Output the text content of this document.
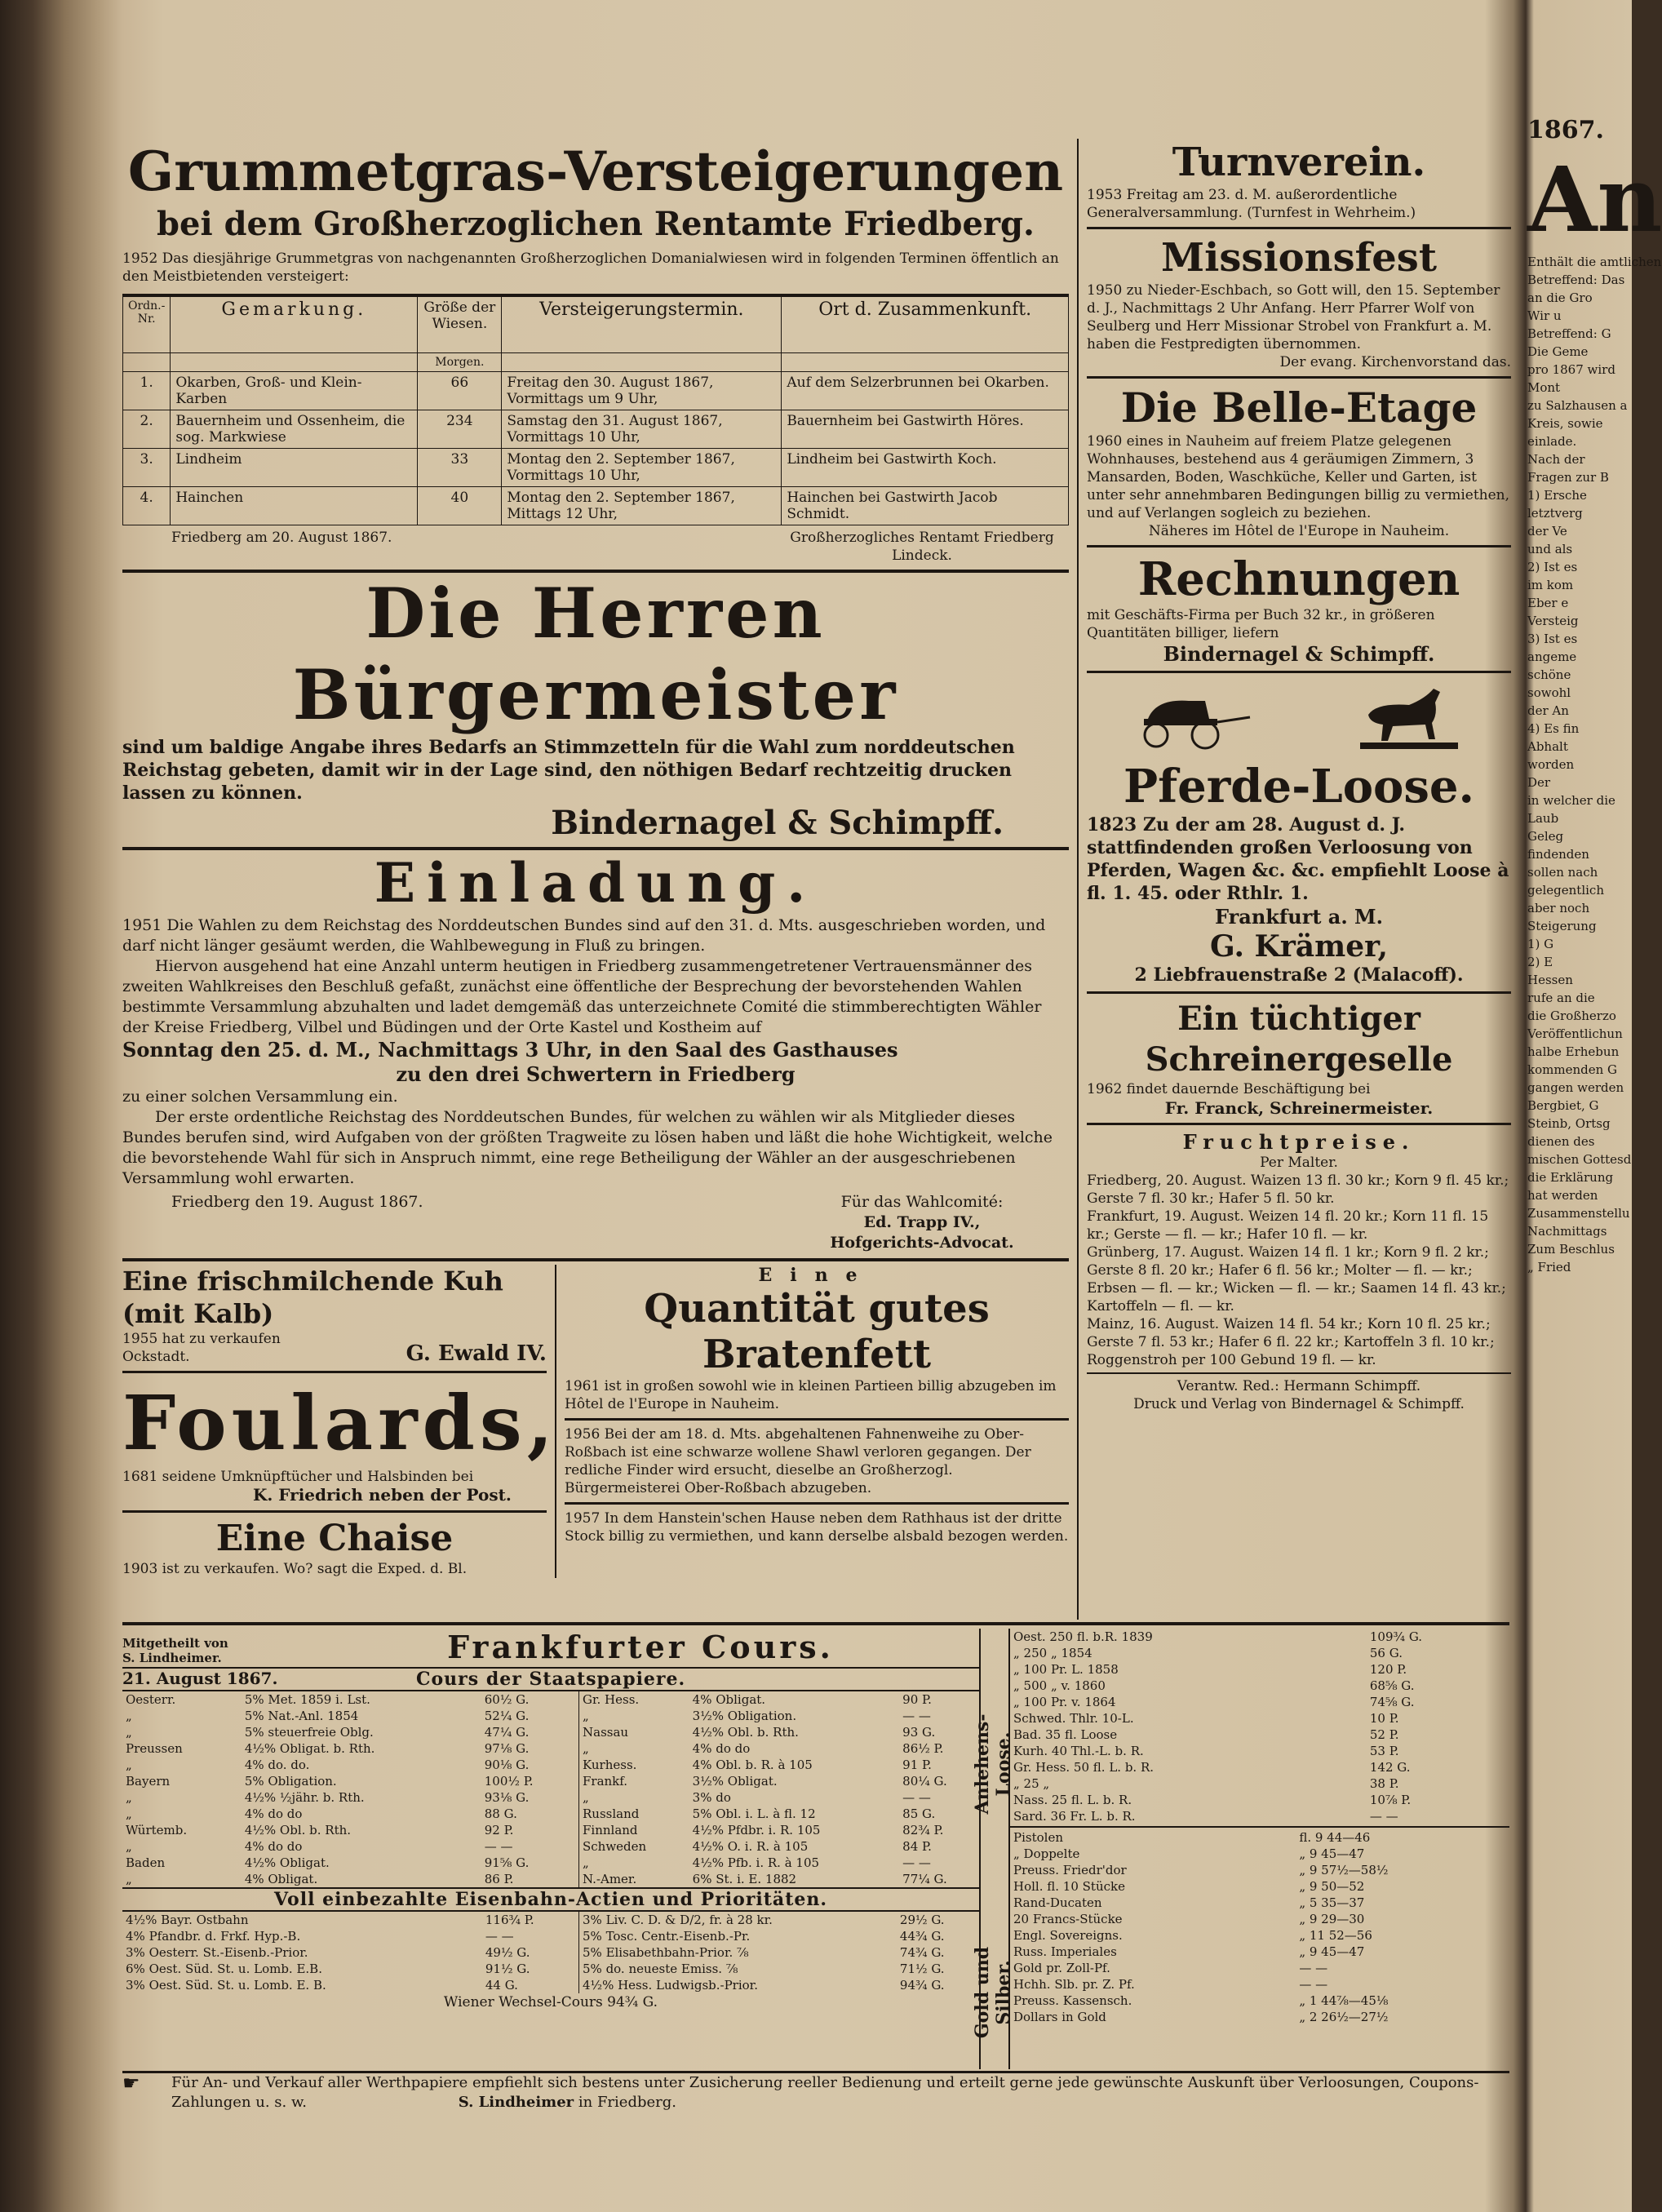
Grummetgras-Versteigerungen
bei dem Großherzoglichen Rentamte Friedberg.
1952 Das diesjährige Grummetgras von nachgenannten Großherzoglichen Domanialwiesen wird in folgenden Terminen öffentlich an den Meistbietenden versteigert:
Ordn.-Nr.	Gemarkung.	Größe der Wiesen.	Versteigerungstermin.	Ort d. Zusammenkunft.
		Morgen.		
1.	Okarben, Groß- und Klein-Karben	66	Freitag den 30. August 1867, Vormittags um 9 Uhr,	Auf dem Selzerbrunnen bei Okarben.
2.	Bauernheim und Ossenheim, die sog. Markwiese	234	Samstag den 31. August 1867, Vormittags 10 Uhr,	Bauernheim bei Gastwirth Höres.
3.	Lindheim	33	Montag den 2. September 1867, Vormittags 10 Uhr,	Lindheim bei Gastwirth Koch.
4.	Hainchen	40	Montag den 2. September 1867, Mittags 12 Uhr,	Hainchen bei Gastwirth Jacob Schmidt.
Friedberg am 20. August 1867.	Großherzogliches Rentamt Friedberg
Lindeck.
Die Herren Bürgermeister
sind um baldige Angabe ihres Bedarfs an Stimmzetteln für die Wahl zum norddeutschen Reichstag gebeten, damit wir in der Lage sind, den nöthigen Bedarf rechtzeitig drucken lassen zu können.
Bindernagel & Schimpff.
Einladung.
1951 Die Wahlen zu dem Reichstag des Norddeutschen Bundes sind auf den 31. d. Mts. ausgeschrieben worden, und darf nicht länger gesäumt werden, die Wahlbewegung in Fluß zu bringen.
Hiervon ausgehend hat eine Anzahl unterm heutigen in Friedberg zusammengetretener Vertrauensmänner des zweiten Wahlkreises den Beschluß gefaßt, zunächst eine öffentliche der Besprechung der bevorstehenden Wahlen bestimmte Versammlung abzuhalten und ladet demgemäß das unterzeichnete Comité die stimmberechtigten Wähler der Kreise Friedberg, Vilbel und Büdingen und der Orte Kastel und Kostheim auf
Sonntag den 25. d. M., Nachmittags 3 Uhr, in den Saal des Gasthauses
zu den drei Schwertern in Friedberg
zu einer solchen Versammlung ein.
Der erste ordentliche Reichstag des Norddeutschen Bundes, für welchen zu wählen wir als Mitglieder dieses Bundes berufen sind, wird Aufgaben von der größten Tragweite zu lösen haben und läßt die hohe Wichtigkeit, welche die bevorstehende Wahl für sich in Anspruch nimmt, eine rege Betheiligung der Wähler an der ausgeschriebenen Versammlung wohl erwarten.
Friedberg den 19. August 1867.	Für das Wahlcomité:
Ed. Trapp IV.,
Hofgerichts-Advocat.
Eine frischmilchende Kuh (mit Kalb)
1955 hat zu verkaufen Ockstadt.	G. Ewald IV.
Foulards,
1681 seidene Umknüpftücher und Halsbinden bei
K. Friedrich neben der Post.
Eine Chaise
1903 ist zu verkaufen. Wo? sagt die Exped. d. Bl.
Eine
Quantität gutes Bratenfett
1961 ist in großen sowohl wie in kleinen Partieen billig abzugeben im Hôtel de l'Europe in Nauheim.
1956 Bei der am 18. d. Mts. abgehaltenen Fahnenweihe zu Ober-Roßbach ist eine schwarze wollene Shawl verloren gegangen. Der redliche Finder wird ersucht, dieselbe an Großherzogl. Bürgermeisterei Ober-Roßbach abzugeben.
1957 In dem Hanstein'schen Hause neben dem Rathhaus ist der dritte Stock billig zu vermiethen, und kann derselbe alsbald bezogen werden.
Turnverein.
1953 Freitag am 23. d. M. außerordentliche Generalversammlung. (Turnfest in Wehrheim.)
Missionsfest
1950 zu Nieder-Eschbach, so Gott will, den 15. September d. J., Nachmittags 2 Uhr Anfang. Herr Pfarrer Wolf von Seulberg und Herr Missionar Strobel von Frankfurt a. M. haben die Festpredigten übernommen.
Der evang. Kirchenvorstand das.
Die Belle-Etage
1960 eines in Nauheim auf freiem Platze gelegenen Wohnhauses, bestehend aus 4 geräumigen Zimmern, 3 Mansarden, Boden, Waschküche, Keller und Garten, ist unter sehr annehmbaren Bedingungen billig zu vermiethen, und auf Verlangen sogleich zu beziehen.
Näheres im Hôtel de l'Europe in Nauheim.
Rechnungen
mit Geschäfts-Firma per Buch 32 kr., in größeren Quantitäten billiger, liefern
Bindernagel & Schimpff.
Pferde-Loose.
1823 Zu der am 28. August d. J. stattfindenden großen Verloosung von Pferden, Wagen &c. &c. empfiehlt Loose à fl. 1. 45. oder Rthlr. 1.
Frankfurt a. M.
G. Krämer,
2 Liebfrauenstraße 2 (Malacoff).
Ein tüchtiger Schreinergeselle
1962 findet dauernde Beschäftigung bei
Fr. Franck, Schreinermeister.
Fruchtpreise.
Per Malter.
Friedberg, 20. August. Waizen 13 fl. 30 kr.; Korn 9 fl. 45 kr.; Gerste 7 fl. 30 kr.; Hafer 5 fl. 50 kr.
Frankfurt, 19. August. Weizen 14 fl. 20 kr.; Korn 11 fl. 15 kr.; Gerste — fl. — kr.; Hafer 10 fl. — kr.
Grünberg, 17. August. Waizen 14 fl. 1 kr.; Korn 9 fl. 2 kr.; Gerste 8 fl. 20 kr.; Hafer 6 fl. 56 kr.; Molter — fl. — kr.; Erbsen — fl. — kr.; Wicken — fl. — kr.; Saamen 14 fl. 43 kr.; Kartoffeln — fl. — kr.
Mainz, 16. August. Waizen 14 fl. 54 kr.; Korn 10 fl. 25 kr.; Gerste 7 fl. 53 kr.; Hafer 6 fl. 22 kr.; Kartoffeln 3 fl. 10 kr.; Roggenstroh per 100 Gebund 19 fl. — kr.
Verantw. Red.: Hermann Schimpff.
Druck und Verlag von Bindernagel & Schimpff.
Mitgetheilt von
S. Lindheimer.	Frankfurter Cours.
21. August 1867.	Cours der Staatspapiere.
Oesterr.	5% Met. 1859 i. Lst.	60½ G.
„	5% Nat.-Anl. 1854	52¼ G.
„	5% steuerfreie Oblg.	47¼ G.
Preussen	4½% Obligat. b. Rth.	97⅛ G.
„	4% do. do.	90⅛ G.
Bayern	5% Obligation.	100½ P.
„	4½% ½jähr. b. Rth.	93⅛ G.
„	4% do do	88 G.
Würtemb.	4½% Obl. b. Rth.	92 P.
„	4% do do	— —
Baden	4½% Obligat.	91⅝ G.
„	4% Obligat.	86 P.
Gr. Hess.	4% Obligat.	90 P.
„	3½% Obligation.	— —
Nassau	4½% Obl. b. Rth.	93 G.
„	4% do do	86½ P.
Kurhess.	4% Obl. b. R. à 105	91 P.
Frankf.	3½% Obligat.	80¼ G.
„	3% do	— —
Russland	5% Obl. i. L. à fl. 12	85 G.
Finnland	4½% Pfdbr. i. R. 105	82¾ P.
Schweden	4½% O. i. R. à 105	84 P.
„	4½% Pfb. i. R. à 105	— —
N.-Amer.	6% St. i. E. 1882	77¼ G.
Voll einbezahlte Eisenbahn-Actien und Prioritäten.
4½% Bayr. Ostbahn	116¾ P.
4% Pfandbr. d. Frkf. Hyp.-B.	— —
3% Oesterr. St.-Eisenb.-Prior.	49½ G.
6% Oest. Süd. St. u. Lomb. E.B.	91½ G.
3% Oest. Süd. St. u. Lomb. E. B.	44 G.
3% Liv. C. D. & D/2, fr. à 28 kr.	29½ G.
5% Tosc. Centr.-Eisenb.-Pr.	44¾ G.
5% Elisabethbahn-Prior. ⅞	74¾ G.
5% do. neueste Emiss. ⅞	71½ G.
4½% Hess. Ludwigsb.-Prior.	94¾ G.
Wiener Wechsel-Cours 94¾ G.
Anlehens-Loose.
Gold und Silber.
Oest. 250 fl. b.R. 1839	109¾ G.
„ 250 „ 1854	56 G.
„ 100 Pr. L. 1858	120 P.
„ 500 „ v. 1860	68⅝ G.
„ 100 Pr. v. 1864	74⅝ G.
Schwed. Thlr. 10-L.	10 P.
Bad. 35 fl. Loose	52 P.
Kurh. 40 Thl.-L. b. R.	53 P.
Gr. Hess. 50 fl. L. b. R.	142 G.
„ 25 „	38 P.
Nass. 25 fl. L. b. R.	10⅞ P.
Sard. 36 Fr. L. b. R.	— —
Pistolen	fl. 9 44—46
„ Doppelte	„ 9 45—47
Preuss. Friedr'dor	„ 9 57½—58½
Holl. fl. 10 Stücke	„ 9 50—52
Rand-Ducaten	„ 5 35—37
20 Francs-Stücke	„ 9 29—30
Engl. Sovereigns.	„ 11 52—56
Russ. Imperiales	„ 9 45—47
Gold pr. Zoll-Pf.	— —
Hchh. Slb. pr. Z. Pf.	— —
Preuss. Kassensch.	„ 1 44⅞—45⅛
Dollars in Gold	„ 2 26½—27½
☛ Für An- und Verkauf aller Werthpapiere empfiehlt sich bestens unter Zusicherung reeller Bedienung und erteilt gerne jede gewünschte Auskunft über Verloosungen, Coupons-Zahlungen u. s. w.	S. Lindheimer in Friedberg.
1867.
An
Enthält die amtlichen
Betreffend: Das
an die Gro
Wir u
Betreffend: G
Die Geme
pro 1867 wird
Mont
zu Salzhausen a
Kreis, sowie
einlade.
Nach der
Fragen zur B
1) Ersche
letztverg
der Ve
und als
2) Ist es
im kom
Eber e
Versteig
3) Ist es
angeme
schöne
sowohl
der An
4) Es fin
Abhalt
worden
Der
in welcher die
Laub
Geleg
findenden
sollen nach
gelegentlich
aber noch
Steigerung
1) G
2) E
Hessen
rufe an die
die Großherzo
Veröffentlichun
halbe Erhebun
kommenden G
gangen werden
Bergbiet, G
Steinb, Ortsg
dienen des
mischen Gottesd
die Erklärung
hat werden
Zusammenstellu
Nachmittags
Zum Beschlus
„ Fried
